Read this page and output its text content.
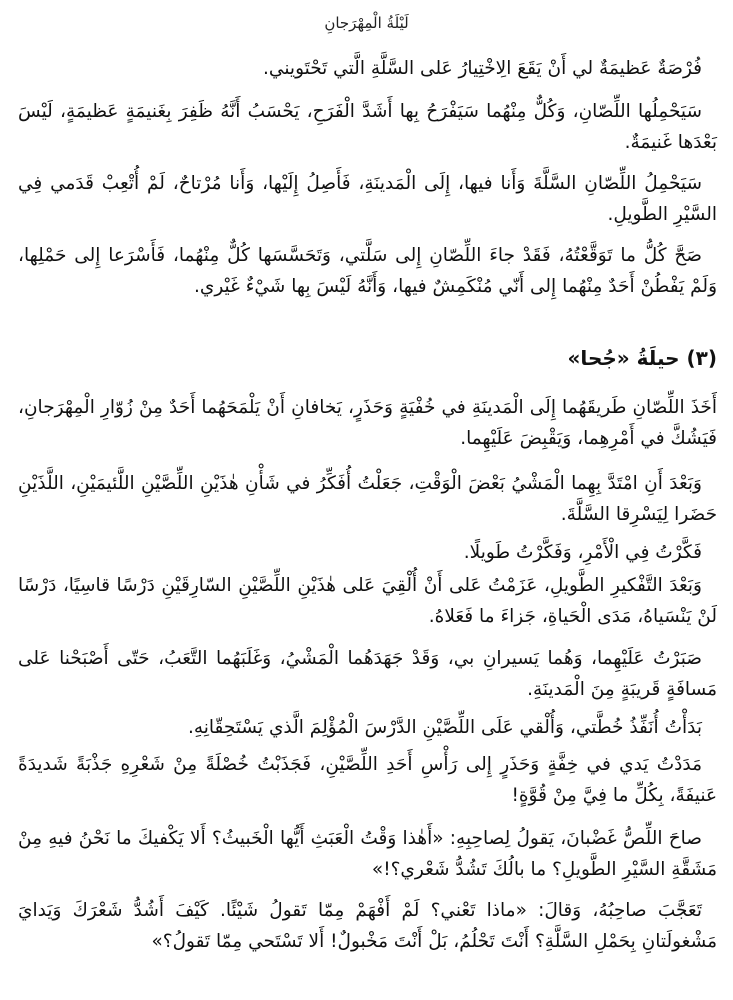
لَيْلَةُ الْمِهْرَجانِ

فُرْصَةٌ عَظيمَةٌ لي أَنْ يَقَعَ الِاخْتِيارُ عَلى السَّلَّةِ الَّتي تَحْتَويني.

سَيَحْمِلُها اللِّصّانِ، وَكُلٌّ مِنْهُما سَيَفْرَحُ بِها أَشَدَّ الْفَرَحِ، يَحْسَبُ أَنَّهُ ظَفِرَ بِغَنيمَةٍ عَظيمَةٍ، لَيْسَ بَعْدَها غَنيمَةٌ.

سَيَحْمِلُ اللِّصّانِ السَّلَّةَ وَأَنا فيها، إِلَى الْمَدينَةِ، فَأَصِلُ إِلَيْها، وَأَنا مُرْتاحٌ، لَمْ أُتْعِبْ قَدَمي فِي السَّيْرِ الطَّويلِ.

صَحَّ كُلُّ ما تَوَقَّعْتُهُ، فَقَدْ جاءَ اللِّصّانِ إِلى سَلَّتي، وَتَحَسَّسَها كُلٌّ مِنْهُما، فَأَسْرَعا إِلى حَمْلِها، وَلَمْ يَفْطُنْ أَحَدٌ مِنْهُما إِلى أَنّي مُنْكَمِشٌ فيها، وَأَنَّهُ لَيْسَ بِها شَيْءٌ غَيْري.

(٣) حيلَةُ «جُحا»

أَخَذَ اللِّصّانِ طَريقَهُما إِلَى الْمَدينَةِ في خُفْيَةٍ وَحَذَرٍ، يَخافانِ أَنْ يَلْمَحَهُما أَحَدٌ مِنْ زُوّارِ الْمِهْرَجانِ، فَيَشُكَّ في أَمْرِهِما، وَيَقْبِضَ عَلَيْهِما.

وَبَعْدَ أَنِ امْتَدَّ بِهِما الْمَشْيُ بَعْضَ الْوَقْتِ، جَعَلْتُ أُفَكِّرُ في شَأْنِ هٰذَيْنِ اللِّصَّيْنِ اللَّئيمَيْنِ، اللَّذَيْنِ حَضَرا لِيَسْرِقا السَّلَّةَ.

فَكَّرْتُ فِي الْأَمْرِ، وَفَكَّرْتُ طَويلًا.

وَبَعْدَ التَّفْكيرِ الطَّويلِ، عَزَمْتُ عَلى أَنْ أُلْقِيَ عَلى هٰذَيْنِ اللِّصَّيْنِ السّارِقَيْنِ دَرْسًا قاسِيًا، دَرْسًا لَنْ يَنْسَياهُ، مَدَى الْحَياةِ، جَزاءَ ما فَعَلاهُ.

صَبَرْتُ عَلَيْهِما، وَهُما يَسيرانِ بي، وَقَدْ جَهَدَهُما الْمَشْيُ، وَغَلَبَهُما التَّعَبُ، حَتّى أَصْبَحْنا عَلى مَسافَةٍ قَريبَةٍ مِنَ الْمَدينَةِ.

بَدَأْتُ أُنَفِّذُ خُطَّتي، وَأُلْقي عَلَى اللِّصَّيْنِ الدَّرْسَ الْمُؤْلِمَ الَّذي يَسْتَحِقّانِهِ.

مَدَدْتُ يَدي في خِفَّةٍ وَحَذَرٍ إِلى رَأْسِ أَحَدِ اللِّصَّيْنِ، فَجَذَبْتُ خُصْلَةً مِنْ شَعْرِهِ جَذْبَةً شَديدَةً عَنيفَةً، بِكُلِّ ما فِيَّ مِنْ قُوَّةٍ!

صاحَ اللِّصُّ غَضْبانَ، يَقولُ لِصاحِبِهِ: «أَهٰذا وَقْتُ الْعَبَثِ أَيُّها الْخَبيثُ؟ أَلا يَكْفيكَ ما نَحْنُ فيهِ مِنْ مَشَقَّةِ السَّيْرِ الطَّويلِ؟ ما بالُكَ تَشُدُّ شَعْري؟!»

تَعَجَّبَ صاحِبُهُ، وَقالَ: «ماذا تَعْني؟ لَمْ أَفْهَمْ مِمّا تَقولُ شَيْئًا. كَيْفَ أَشُدُّ شَعْرَكَ وَيَدايَ مَشْغولَتانِ بِحَمْلِ السَّلَّةِ؟ أَنْتَ تَحْلُمُ، بَلْ أَنْتَ مَخْبولٌ! أَلا تَسْتَحي مِمّا تَقولُ؟»
